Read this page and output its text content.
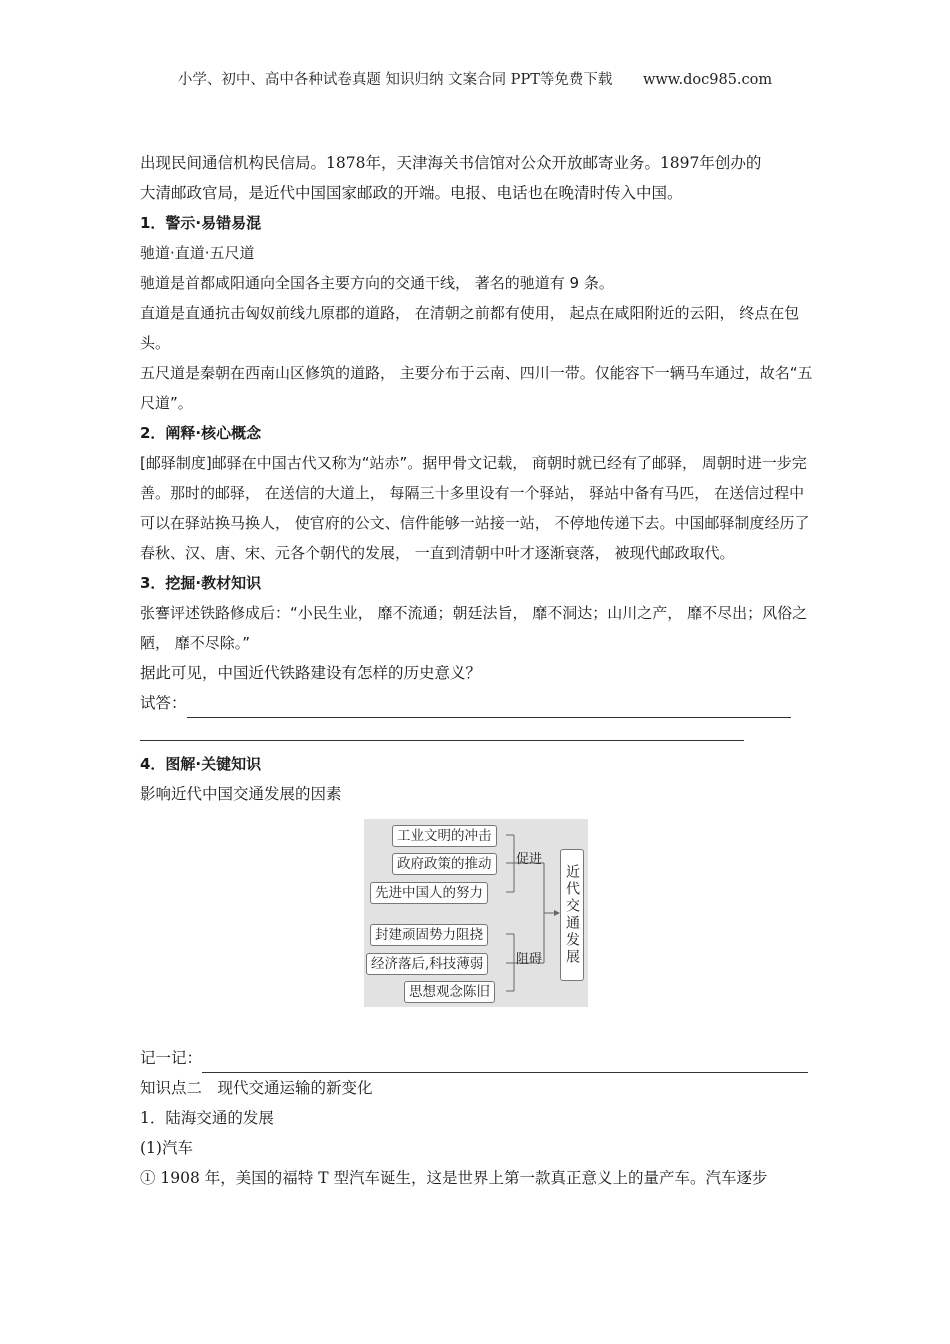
小学、初中、高中各种试卷真题 知识归纳 文案合同 PPT等免费下载 www.doc985.com

出现民间通信机构民信局。1878年，天津海关书信馆对公众开放邮寄业务。1897年创办的

大清邮政官局，是近代中国国家邮政的开端。电报、电话也在晚清时传入中国。

1．警示·易错易混

驰道·直道·五尺道

驰道是首都咸阳通向全国各主要方向的交通干线， 著名的驰道有 9 条。

直道是直通抗击匈奴前线九原郡的道路， 在清朝之前都有使用， 起点在咸阳附近的云阳， 终点在包头。

五尺道是秦朝在西南山区修筑的道路， 主要分布于云南、四川一带。仅能容下一辆马车通过，故名“五尺道”。

2．阐释·核心概念

[邮驿制度]邮驿在中国古代又称为“站赤”。据甲骨文记载， 商朝时就已经有了邮驿， 周朝时进一步完善。那时的邮驿， 在送信的大道上， 每隔三十多里设有一个驿站， 驿站中备有马匹， 在送信过程中可以在驿站换马换人， 使官府的公文、信件能够一站接一站， 不停地传递下去。中国邮驿制度经历了春秋、汉、唐、宋、元各个朝代的发展， 一直到清朝中叶才逐渐衰落， 被现代邮政取代。

3．挖掘·教材知识

张謇评述铁路修成后：“小民生业， 靡不流通；朝廷法旨， 靡不洞达；山川之产， 靡不尽出；风俗之陋， 靡不尽除。”

据此可见，中国近代铁路建设有怎样的历史意义？

试答：

4．图解·关键知识

影响近代中国交通发展的因素

工业文明的冲击
政府政策的推动
先进中国人的努力
促进
封建顽固势力阻挠
经济落后,科技薄弱
思想观念陈旧
阻碍 近代交通发展
记一记：

知识点二　现代交通运输的新变化

1．陆海交通的发展

(1)汽车

① 1908 年，美国的福特 T 型汽车诞生，这是世界上第一款真正意义上的量产车。汽车逐步
